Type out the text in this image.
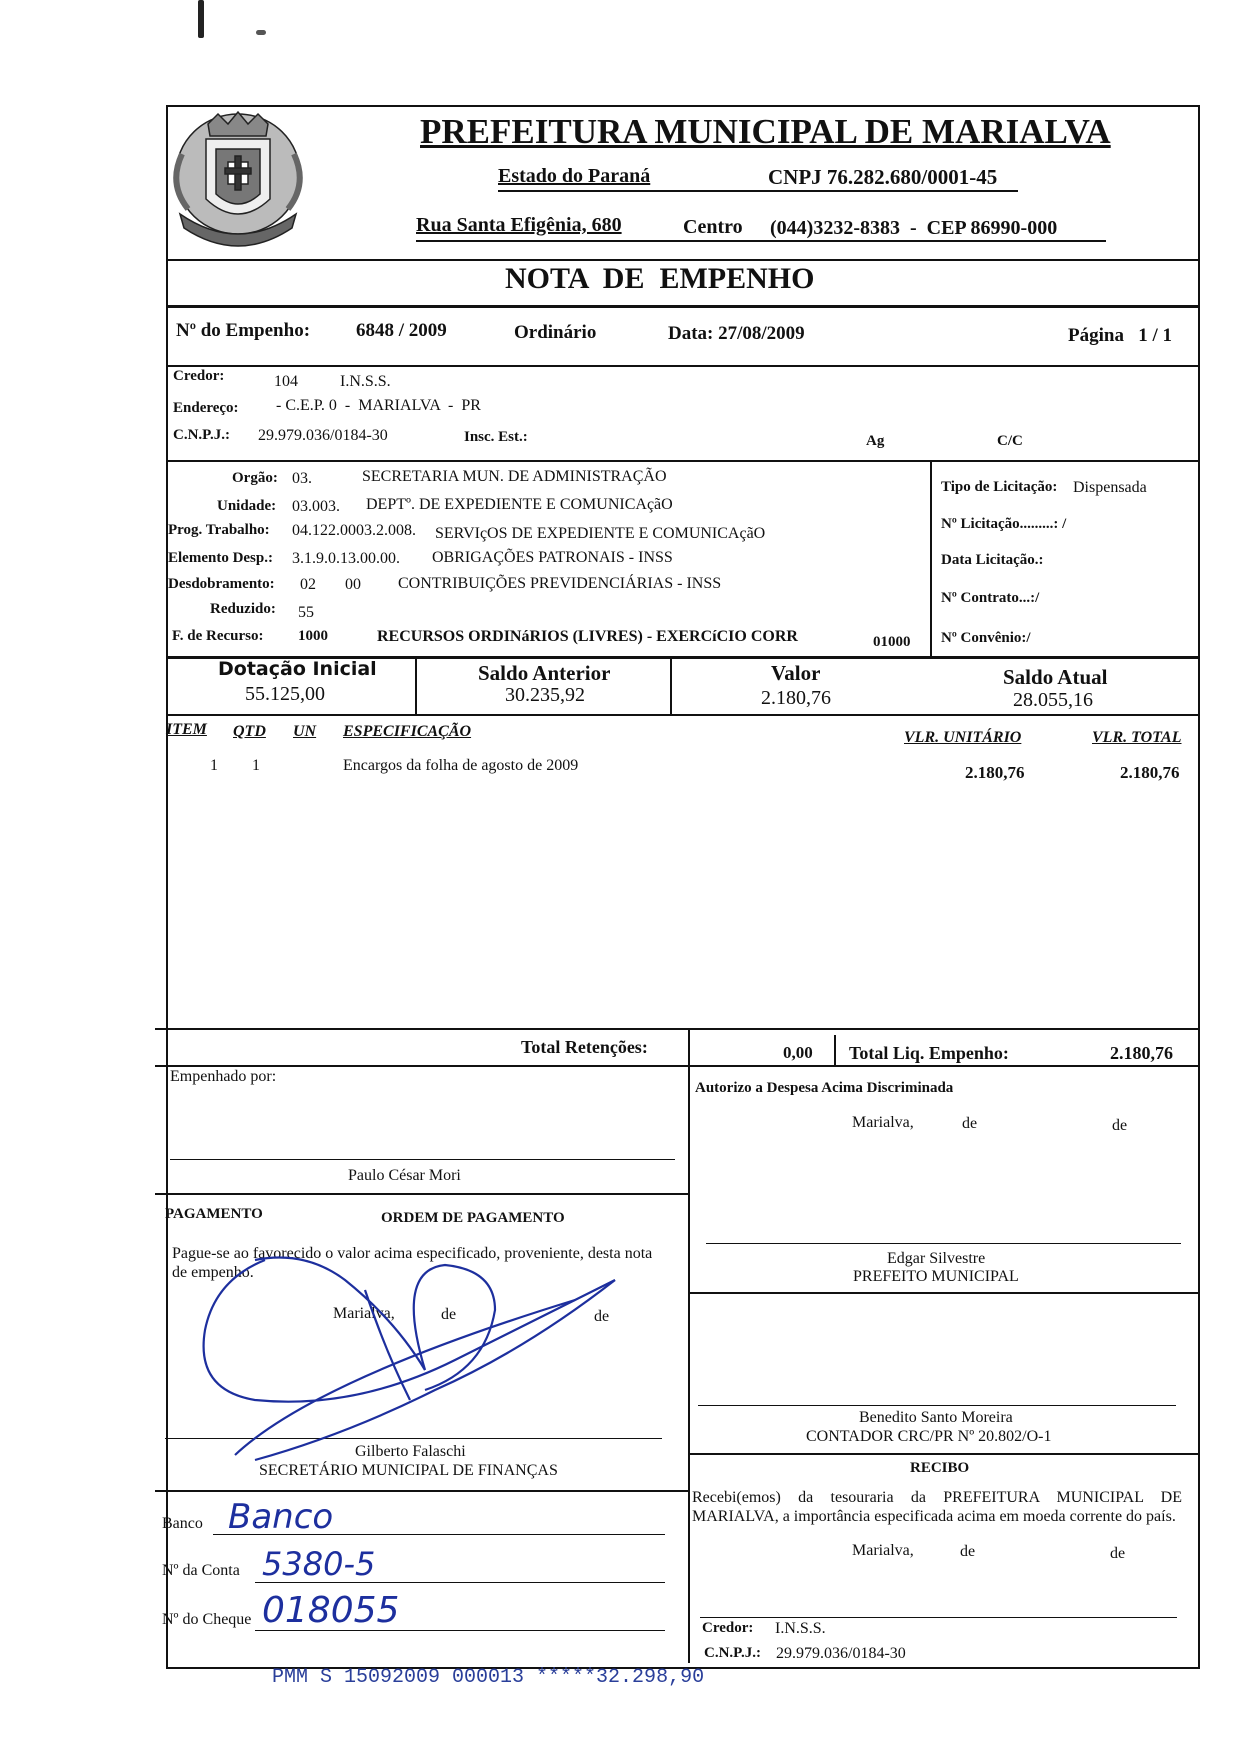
PREFEITURA MUNICIPAL DE MARIALVA
Estado do Paraná	CNPJ 76.282.680/0001-45
Rua Santa Efigênia, 680	Centro (044)3232-8383  -  CEP 86990-000
NOTA  DE  EMPENHO
Nº do Empenho: 6848 / 2009	Ordinário	Data: 27/08/2009	Página   1 / 1
Credor:	104	I.N.S.S.
Endereço: - C.E.P. 0  -  MARIALVA  -  PR
C.N.P.J.: 29.979.036/0184-30	Insc. Est.:	Ag	C/C
Orgão: 03.	SECRETARIA MUN. DE ADMINISTRAÇÃO
Unidade: 03.003. DEPTº. DE EXPEDIENTE E COMUNICAçãO
Prog. Trabalho: 04.122.0003.2.008. SERVIçOS DE EXPEDIENTE E COMUNICAçãO
Elemento Desp.: 3.1.9.0.13.00.00. OBRIGAÇÕES PATRONAIS - INSS
Desdobramento: 02 00 CONTRIBUIÇÕES PREVIDENCIÁRIAS - INSS
Reduzido: 55
F. de Recurso: 1000	RECURSOS ORDINáRIOS (LIVRES) - EXERCíCIO CORR	01000
Tipo de Licitação: Dispensada
Nº Licitação.........: /
Data Licitação.:
Nº Contrato...:/
Nº Convênio:/
Dotação Inicial
55.125,00
Saldo Anterior
30.235,92
Valor
2.180,76
Saldo Atual
28.055,16
ITEM QTD UN ESPECIFICAÇÃO	VLR. UNITÁRIO	VLR. TOTAL
1 1	Encargos da folha de agosto de 2009	2.180,76	2.180,76
Total Retenções:	0,00 Total Liq. Empenho:	2.180,76
Empenhado por:
Paulo César Mori
Autorizo a Despesa Acima Discriminada
Marialva,	de	de
Edgar Silvestre
PREFEITO MUNICIPAL
PAGAMENTO	ORDEM DE PAGAMENTO
Pague-se ao favorecido o valor acima especificado, proveniente, desta nota de empenho.
Marialva,	de	de
Gilberto Falaschi
SECRETÁRIO MUNICIPAL DE FINANÇAS
Benedito Santo Moreira
CONTADOR CRC/PR Nº 20.802/O-1
RECIBO
Recebi(emos) da tesouraria da PREFEITURA MUNICIPAL DE MARIALVA, a importância especificada acima em moeda corrente do país.
Marialva,	de	de
Credor: I.N.S.S.
C.N.P.J.: 29.979.036/0184-30
Banco Banco
Nº da Conta 5380-5
Nº do Cheque 018055
PMM S 15092009 000013 *****32.298,90
